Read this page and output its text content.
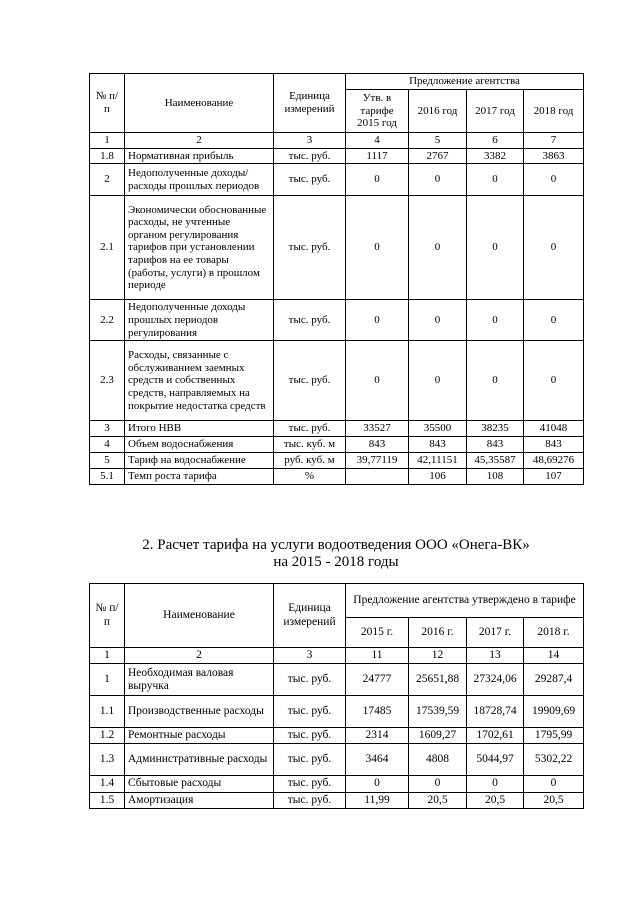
№ п/п	Наименование	Единица измерений	Предложение агентства			
			Утв. в тарифе 2015 год	2016 год	2017 год	2018 год
1	2	3	4	5	6	7
1.8	Нормативная прибыль	тыс. руб.	1117	2767	3382	3863
2	Недополученные доходы/расходы прошлых периодов	тыс. руб.	0	0	0	0
2.1	Экономически обоснованные расходы, не учтенные органом регулирования тарифов при установлении тарифов на ее товары (работы, услуги) в прошлом периоде	тыс. руб.	0	0	0	0
2.2	Недополученные доходы прошлых периодов регулирования	тыс. руб.	0	0	0	0
2.3	Расходы, связанные с обслуживанием заемных средств и собственных средств, направляемых на покрытие недостатка средств	тыс. руб.	0	0	0	0
3	Итого НВВ	тыс. руб.	33527	35500	38235	41048
4	Объем водоснабжения	тыс. куб. м	843	843	843	843
5	Тариф на водоснабжение	руб. куб. м	39,77119	42,11151	45,35587	48,69276
5.1	Темп роста тарифа	%		106	108	107
2. Расчет тарифа на услуги водоотведения ООО «Онега-ВК»
на 2015 - 2018 годы
№ п/п	Наименование	Единица измерений	Предложение агентства утверждено в тарифе			
			2015 г.	2016 г.	2017 г.	2018 г.
1	2	3	11	12	13	14
1	Необходимая валовая выручка	тыс. руб.	24777	25651,88	27324,06	29287,4
1.1	Производственные расходы	тыс. руб.	17485	17539,59	18728,74	19909,69
1.2	Ремонтные расходы	тыс. руб.	2314	1609,27	1702,61	1795,99
1.3	Административные расходы	тыс. руб.	3464	4808	5044,97	5302,22
1.4	Сбытовые расходы	тыс. руб.	0	0	0	0
1.5	Амортизация	тыс. руб.	11,99	20,5	20,5	20,5
